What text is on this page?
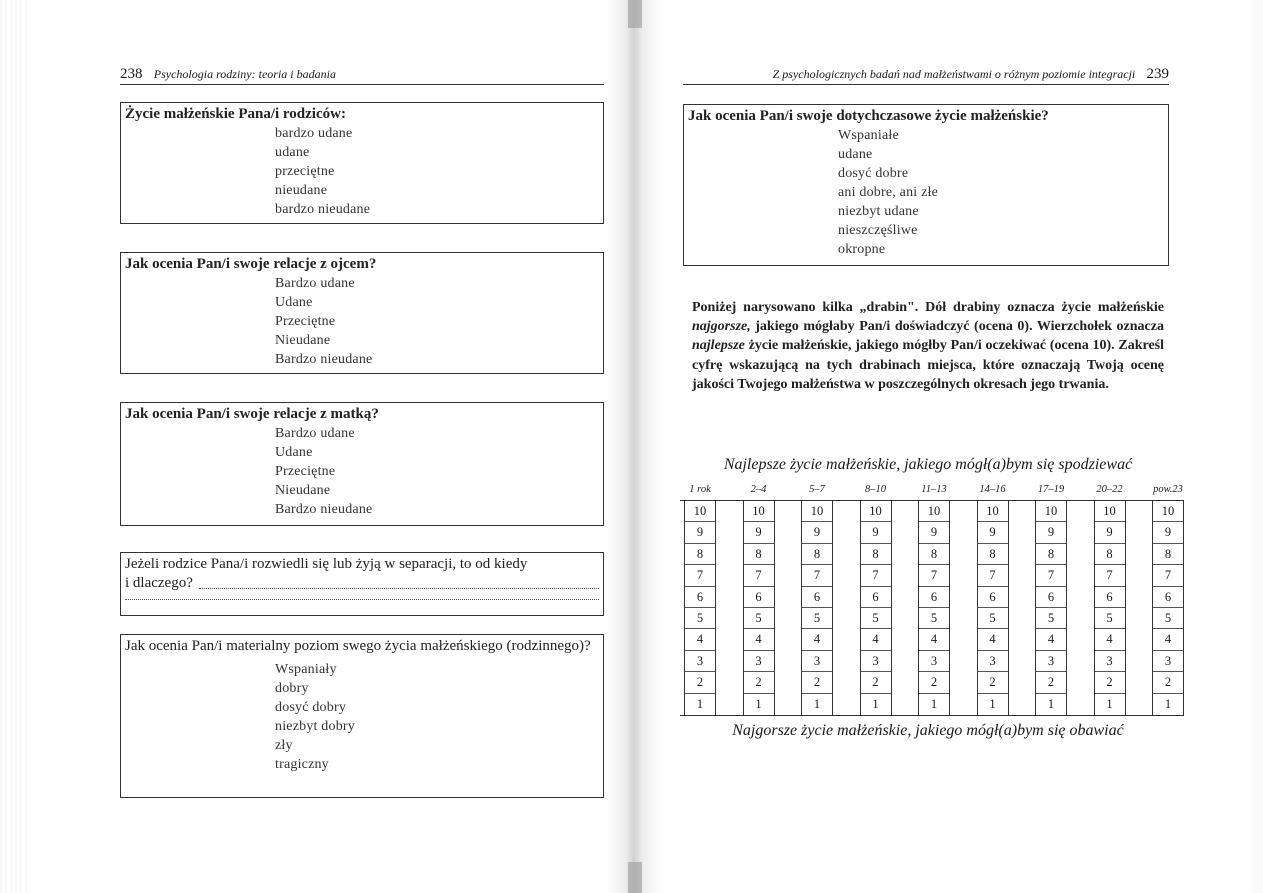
238 Psychologia rodziny: teoria i badania
Życie małżeńskie Pana/i rodziców:
bardzo udane
udane
przeciętne
nieudane
bardzo nieudane
Jak ocenia Pan/i swoje relacje z ojcem?
Bardzo udane
Udane
Przeciętne
Nieudane
Bardzo nieudane
Jak ocenia Pan/i swoje relacje z matką?
Bardzo udane
Udane
Przeciętne
Nieudane
Bardzo nieudane
Jeżeli rodzice Pana/i rozwiedli się lub żyją w separacji, to od kiedy
i dlaczego?
Jak ocenia Pan/i materialny poziom swego życia małżeńskiego (rodzinnego)?
Wspaniały
dobry
dosyć dobry
niezbyt dobry
zły
tragiczny
Z psychologicznych badań nad małżeństwami o różnym poziomie integracji 239
Jak ocenia Pan/i swoje dotychczasowe życie małżeńskie?
Wspaniałe
udane
dosyć dobre
ani dobre, ani złe
niezbyt udane
nieszczęśliwe
okropne
Poniżej narysowano kilka „drabin". Dół drabiny oznacza życie małżeńskie najgorsze, jakiego mógłaby Pan/i doświadczyć (ocena 0). Wierzchołek oznacza najlepsze życie małżeńskie, jakiego mógłby Pan/i oczekiwać (ocena 10). Zakreśl cyfrę wskazującą na tych drabinach miejsca, które oznaczają Twoją ocenę jakości Twojego małżeństwa w poszczególnych okresach jego trwania.
Najlepsze życie małżeńskie, jakiego mógł(a)bym się spodziewać
1 rok
10
9
8
7
6
5
4
3
2
1
2–4
10
9
8
7
6
5
4
3
2
1
5–7
10
9
8
7
6
5
4
3
2
1
8–10
10
9
8
7
6
5
4
3
2
1
11–13
10
9
8
7
6
5
4
3
2
1
14–16
10
9
8
7
6
5
4
3
2
1
17–19
10
9
8
7
6
5
4
3
2
1
20–22
10
9
8
7
6
5
4
3
2
1
pow.23
10
9
8
7
6
5
4
3
2
1
Najgorsze życie małżeńskie, jakiego mógł(a)bym się obawiać
